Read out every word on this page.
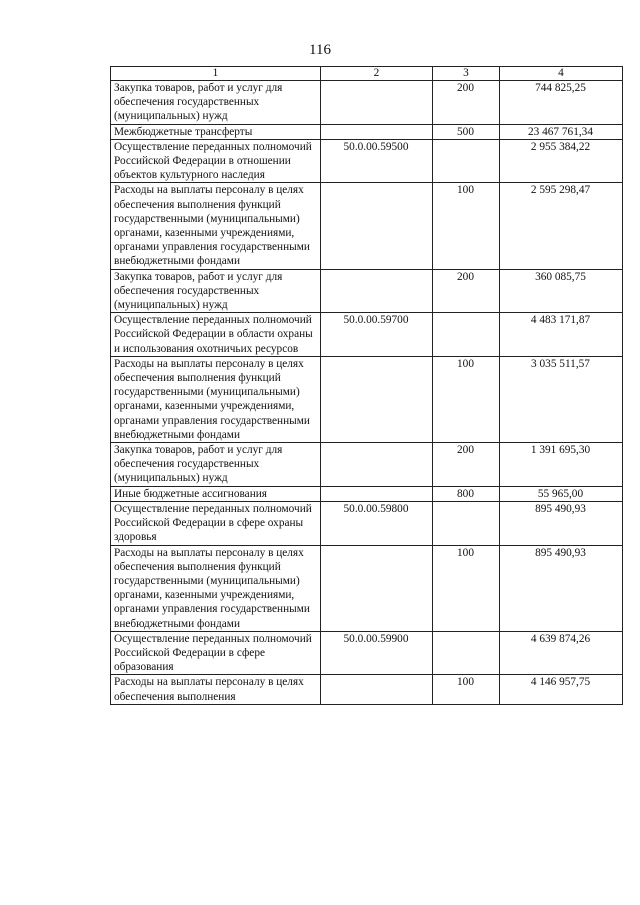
116
1	2	3	4
Закупка товаров, работ и услуг для обеспечения государственных (муниципальных) нужд		200	744 825,25
Межбюджетные трансферты		500	23 467 761,34
Осуществление переданных полномочий Российской Федерации в отношении объектов культурного наследия	50.0.00.59500		2 955 384,22
Расходы на выплаты персоналу в целях обеспечения выполнения функций государственными (муниципальными) органами, казенными учреждениями, органами управления государственными внебюджетными фондами		100	2 595 298,47
Закупка товаров, работ и услуг для обеспечения государственных (муниципальных) нужд		200	360 085,75
Осуществление переданных полномочий Российской Федерации в области охраны и использования охотничьих ресурсов	50.0.00.59700		4 483 171,87
Расходы на выплаты персоналу в целях обеспечения выполнения функций государственными (муниципальными) органами, казенными учреждениями, органами управления государственными внебюджетными фондами		100	3 035 511,57
Закупка товаров, работ и услуг для обеспечения государственных (муниципальных) нужд		200	1 391 695,30
Иные бюджетные ассигнования		800	55 965,00
Осуществление переданных полномочий Российской Федерации в сфере охраны здоровья	50.0.00.59800		895 490,93
Расходы на выплаты персоналу в целях обеспечения выполнения функций государственными (муниципальными) органами, казенными учреждениями, органами управления государственными внебюджетными фондами		100	895 490,93
Осуществление переданных полномочий Российской Федерации в сфере образования	50.0.00.59900		4 639 874,26
Расходы на выплаты персоналу в целях обеспечения выполнения		100	4 146 957,75
